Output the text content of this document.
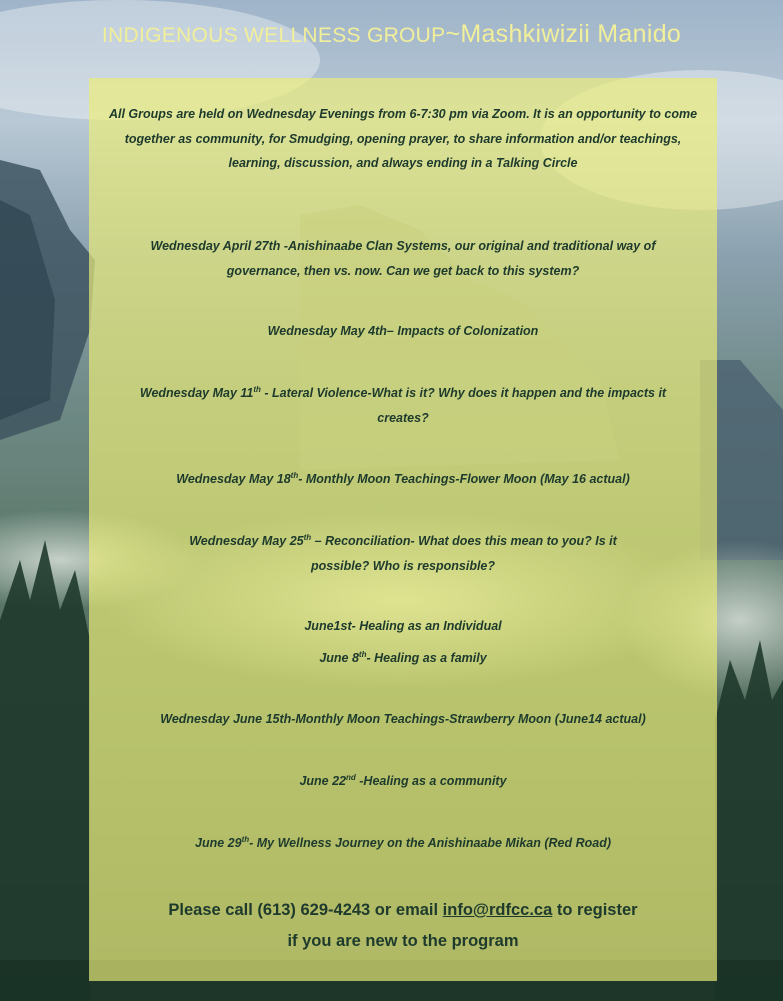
INDIGENOUS WELLNESS GROUP~Mashkiwizii Manido
All Groups are held on Wednesday Evenings from 6-7:30 pm via Zoom. It is an opportunity to come together as community, for Smudging, opening prayer, to share information and/or teachings, learning, discussion, and always ending in a Talking Circle
Wednesday April 27th -Anishinaabe Clan Systems, our original and traditional way of governance, then vs. now. Can we get back to this system?
Wednesday May 4th– Impacts of Colonization
Wednesday May 11th - Lateral Violence-What is it? Why does it happen and the impacts it creates?
Wednesday May 18th- Monthly Moon Teachings-Flower Moon (May 16 actual)
Wednesday May 25th – Reconciliation- What does this mean to you? Is it possible? Who is responsible?
June1st- Healing as an Individual
June 8th- Healing as a family
Wednesday June 15th-Monthly Moon Teachings-Strawberry Moon (June14 actual)
June 22nd -Healing as a community
June 29th- My Wellness Journey on the Anishinaabe Mikan (Red Road)
Please call (613) 629-4243 or email info@rdfcc.ca to register
if you are new to the program
